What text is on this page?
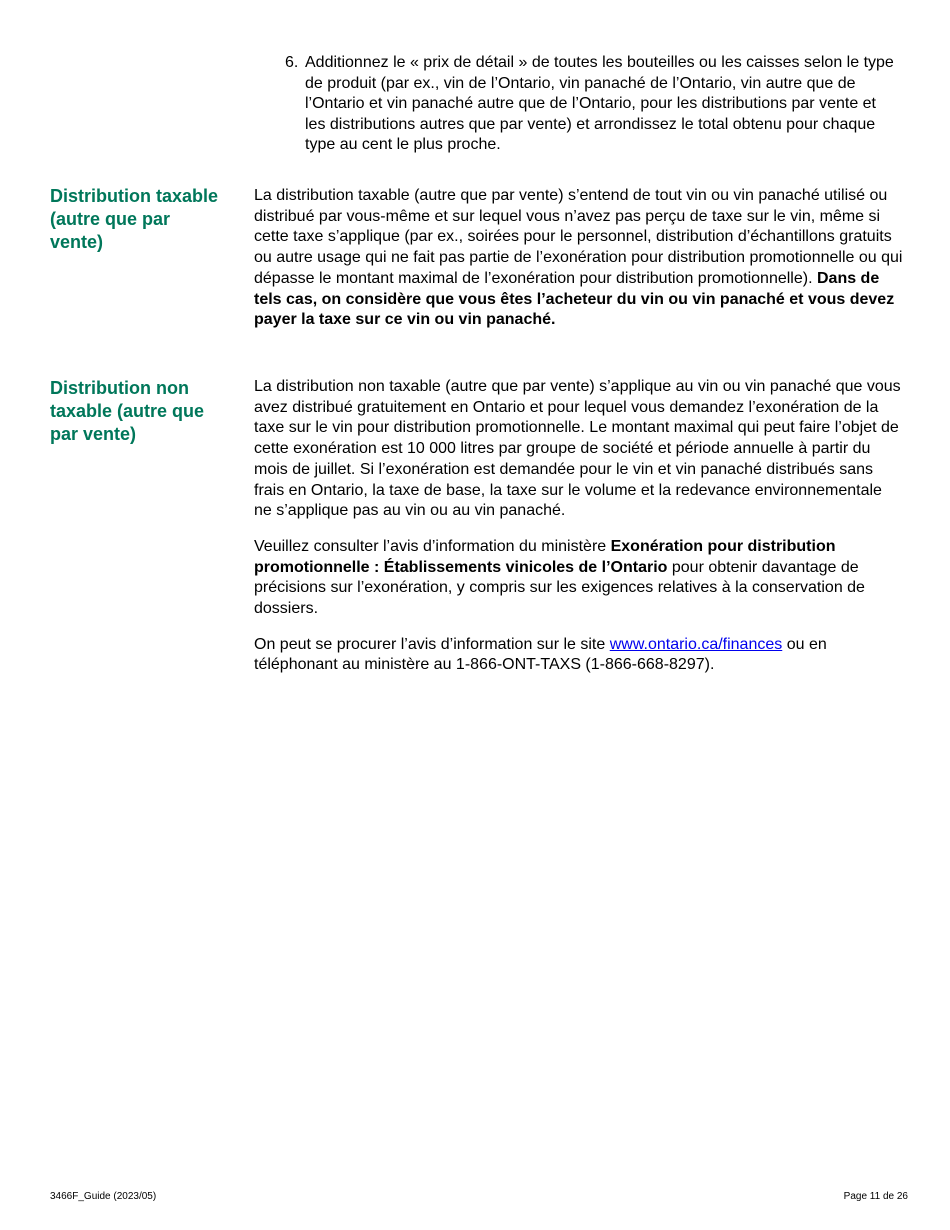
6. Additionnez le « prix de détail » de toutes les bouteilles ou les caisses selon le type de produit (par ex., vin de l’Ontario, vin panaché de l’Ontario, vin autre que de l’Ontario et vin panaché autre que de l’Ontario, pour les distributions par vente et les distributions autres que par vente) et arrondissez le total obtenu pour chaque type au cent le plus proche.
Distribution taxable (autre que par vente)

La distribution taxable (autre que par vente) s’entend de tout vin ou vin panaché utilisé ou distribué par vous-même et sur lequel vous n’avez pas perçu de taxe sur le vin, même si cette taxe s’applique (par ex., soirées pour le personnel, distribution d’échantillons gratuits ou autre usage qui ne fait pas partie de l’exonération pour distribution promotionnelle ou qui dépasse le montant maximal de l’exonération pour distribution promotionnelle). Dans de tels cas, on considère que vous êtes l’acheteur du vin ou vin panaché et vous devez payer la taxe sur ce vin ou vin panaché.

Distribution non taxable (autre que par vente)

La distribution non taxable (autre que par vente) s’applique au vin ou vin panaché que vous avez distribué gratuitement en Ontario et pour lequel vous demandez l’exonération de la taxe sur le vin pour distribution promotionnelle. Le montant maximal qui peut faire l’objet de cette exonération est 10 000 litres par groupe de société et période annuelle à partir du mois de juillet. Si l’exonération est demandée pour le vin et vin panaché distribués sans frais en Ontario, la taxe de base, la taxe sur le volume et la redevance environnementale ne s’applique pas au vin ou au vin panaché.

Veuillez consulter l’avis d’information du ministère Exonération pour distribution promotionnelle : Établissements vinicoles de l’Ontario pour obtenir davantage de précisions sur l’exonération, y compris sur les exigences relatives à la conservation de dossiers.

On peut se procurer l’avis d’information sur le site www.ontario.ca/finances ou en téléphonant au ministère au 1-866-ONT-TAXS (1-866-668-8297).

3466F_Guide (2023/05)	Page 11 de 26
